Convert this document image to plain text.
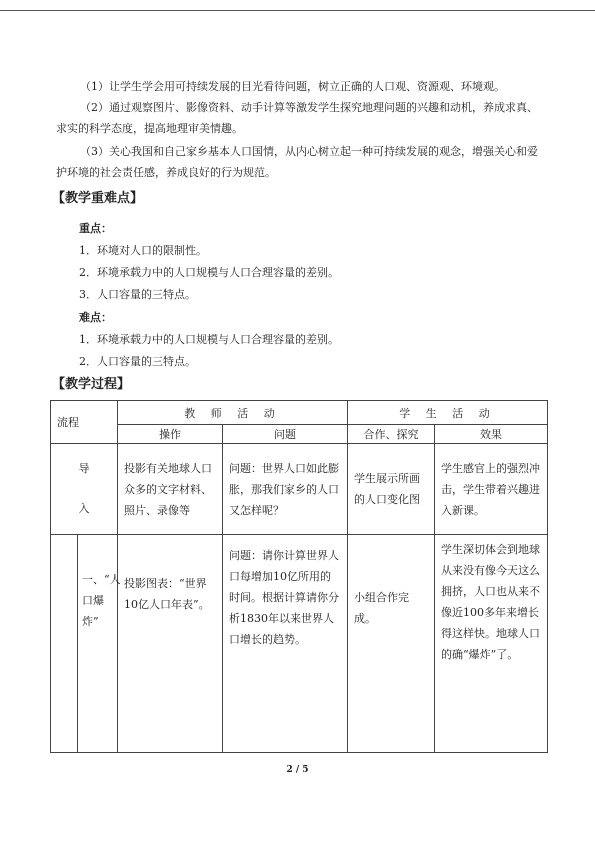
（1）让学生学会用可持续发展的目光看待问题，树立正确的人口观、资源观、环境观。

（2）通过观察图片、影像资料、动手计算等激发学生探究地理问题的兴趣和动机，养成求真、求实的科学态度，提高地理审美情趣。

（3）关心我国和自己家乡基本人口国情，从内心树立起一种可持续发展的观念，增强关心和爱护环境的社会责任感，养成良好的行为规范。

【教学重难点】

重点：

1．环境对人口的限制性。

2．环境承载力中的人口规模与人口合理容量的差别。

3．人口容量的三特点。

难点：

1．环境承载力中的人口规模与人口合理容量的差别。

2．人口容量的三特点。

【教学过程】

流程		教 师 活 动		学 生 活 动	
		操作	问题	合作、探究	效果

导入		投影有关地球人口众多的文字材料、照片、录像等	问题：世界人口如此膨胀，那我们家乡的人口又怎样呢？	学生展示所画的人口变化图	学生感官上的强烈冲击，学生带着兴趣进入新课。

	一、“人口爆炸”	投影图表：“世界10亿人口年表”。	问题：请你计算世界人口每增加10亿所用的时间。根据计算请你分析1830年以来世界人口增长的趋势。	小组合作完成。	学生深切体会到地球从来没有像今天这么拥挤，人口也从来不像近100多年来增长得这样快。地球人口的确“爆炸”了。
2 / 5
